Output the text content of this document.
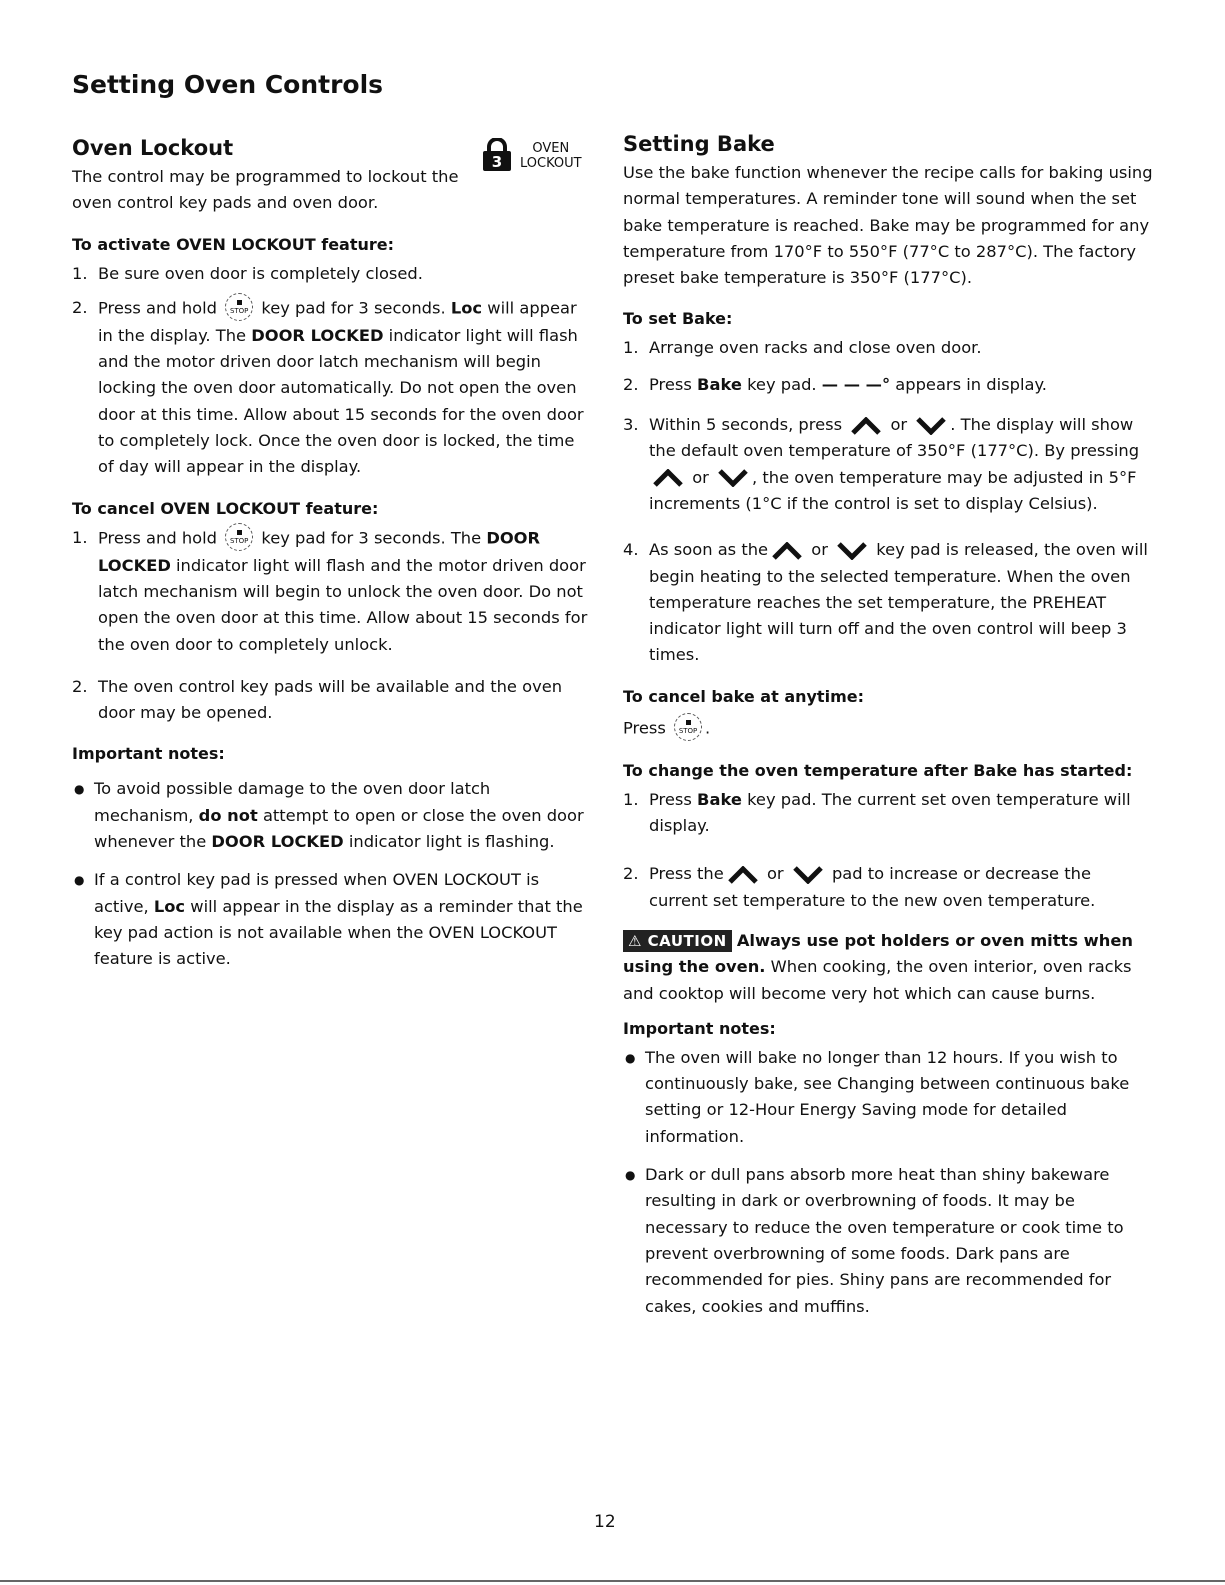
Setting Oven Controls
3
OVEN
LOCKOUT
Oven Lockout

The control may be programmed to lockout the oven control key pads and oven door.

To activate OVEN LOCKOUT feature:
1. Be sure oven door is completely closed.
2. Press and hold	STOP key pad for 3 seconds. Loc will appear in the display. The DOOR LOCKED indicator light will flash and the motor driven door latch mechanism will begin locking the oven door automatically. Do not open the oven door at this time. Allow about 15 seconds for the oven door to completely lock. Once the oven door is locked, the time of day will appear in the display.
To cancel OVEN LOCKOUT feature:
1. Press and hold	STOP key pad for 3 seconds. The DOOR LOCKED indicator light will flash and the motor driven door latch mechanism will begin to unlock the oven door. Do not open the oven door at this time. Allow about 15 seconds for the oven door to completely unlock.
2. The oven control key pads will be available and the oven door may be opened.
Important notes:
● To avoid possible damage to the oven door latch mechanism, do not attempt to open or close the oven door whenever the DOOR LOCKED indicator light is flashing.
● If a control key pad is pressed when OVEN LOCKOUT is active, Loc will appear in the display as a reminder that the key pad action is not available when the OVEN LOCKOUT feature is active.
Setting Bake

Use the bake function whenever the recipe calls for baking using normal temperatures. A reminder tone will sound when the set bake temperature is reached. Bake may be programmed for any temperature from 170°F to 550°F (77°C to 287°C). The factory preset bake temperature is 350°F (177°C).

To set Bake:
1. Arrange oven racks and close oven door.
2. Press Bake key pad. — — —° appears in display.
3. Within 5 seconds, press	or	. The display will show the default oven temperature of 350°F (177°C). By pressing  or	, the oven temperature may be adjusted in 5°F increments (1°C if the control is set to display Celsius).
4. As soon as the	or	key pad is released, the oven will begin heating to the selected temperature. When the oven temperature reaches the set temperature, the PREHEAT indicator light will turn off and the oven control will beep 3 times.
To cancel bake at anytime:

Press	STOP .

To change the oven temperature after Bake has started:
1. Press Bake key pad. The current set oven temperature will display.
2. Press the	or	pad to increase or decrease the current set temperature to the new oven temperature.

⚠ CAUTION Always use pot holders or oven mitts when using the oven. When cooking, the oven interior, oven racks and cooktop will become very hot which can cause burns.

Important notes:
● The oven will bake no longer than 12 hours. If you wish to continuously bake, see Changing between continuous bake setting or 12-Hour Energy Saving mode for detailed information.
● Dark or dull pans absorb more heat than shiny bakeware resulting in dark or overbrowning of foods. It may be necessary to reduce the oven temperature or cook time to prevent overbrowning of some foods. Dark pans are recommended for pies. Shiny pans are recommended for cakes, cookies and muffins.
12
